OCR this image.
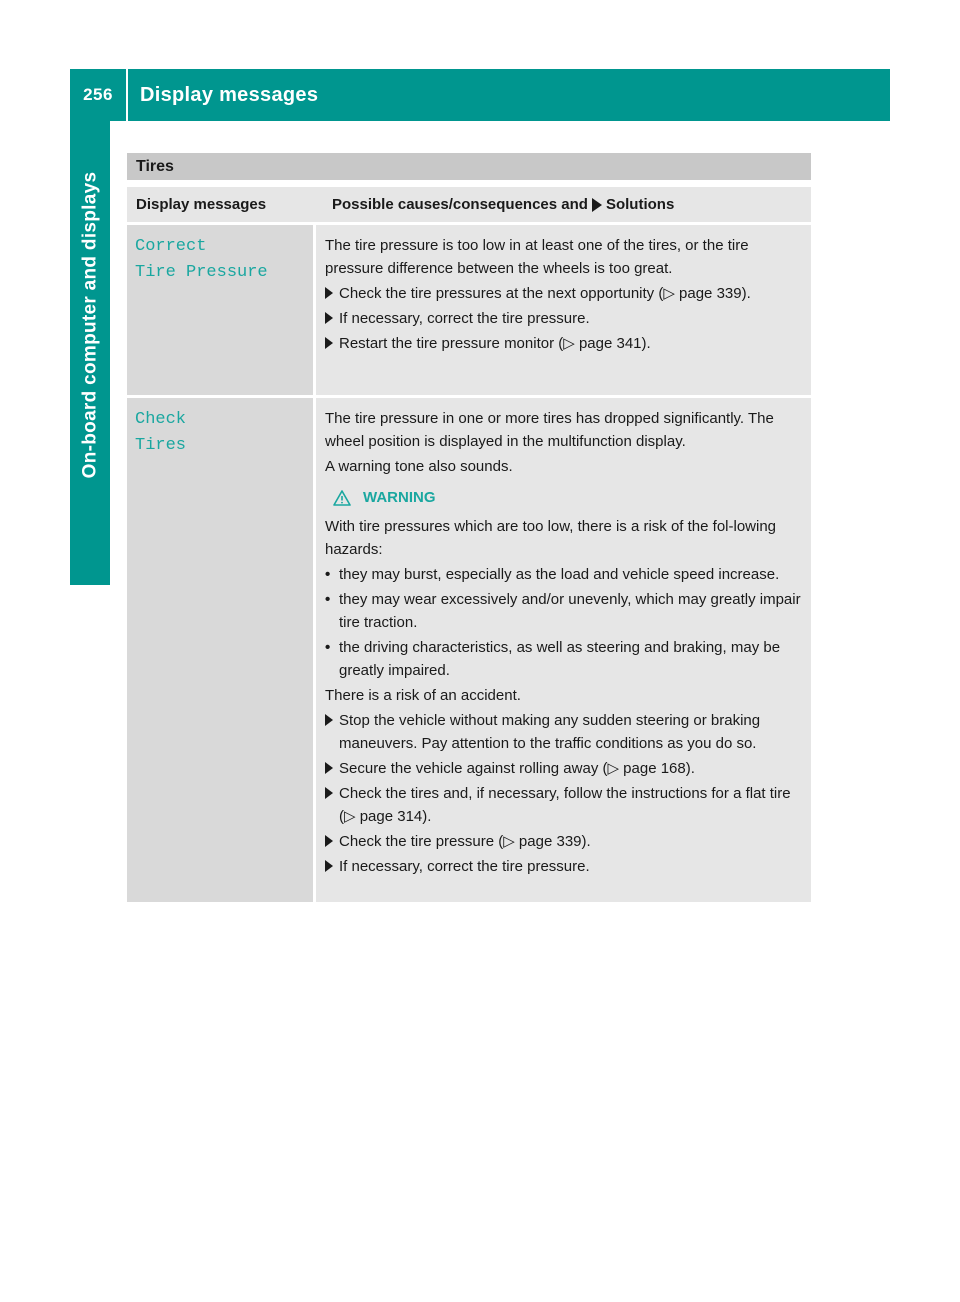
256	Display messages
On-board computer and displays
Tires
Display messages	Possible causes/consequences and Solutions
Correct
Tire Pressure
The tire pressure is too low in at least one of the tires, or the tire pressure difference between the wheels is too great.
Check the tire pressures at the next opportunity (▷ page 339).
If necessary, correct the tire pressure.
Restart the tire pressure monitor (▷ page 341).
Check
Tires
The tire pressure in one or more tires has dropped significantly. The wheel position is displayed in the multifunction display.
A warning tone also sounds.
WARNING
With tire pressures which are too low, there is a risk of the fol-lowing hazards:
• they may burst, especially as the load and vehicle speed increase.
• they may wear excessively and/or unevenly, which may greatly impair tire traction.
• the driving characteristics, as well as steering and braking, may be greatly impaired.
There is a risk of an accident.
Stop the vehicle without making any sudden steering or braking maneuvers. Pay attention to the traffic conditions as you do so.
Secure the vehicle against rolling away (▷ page 168).
Check the tires and, if necessary, follow the instructions for a flat tire (▷ page 314).
Check the tire pressure (▷ page 339).
If necessary, correct the tire pressure.
